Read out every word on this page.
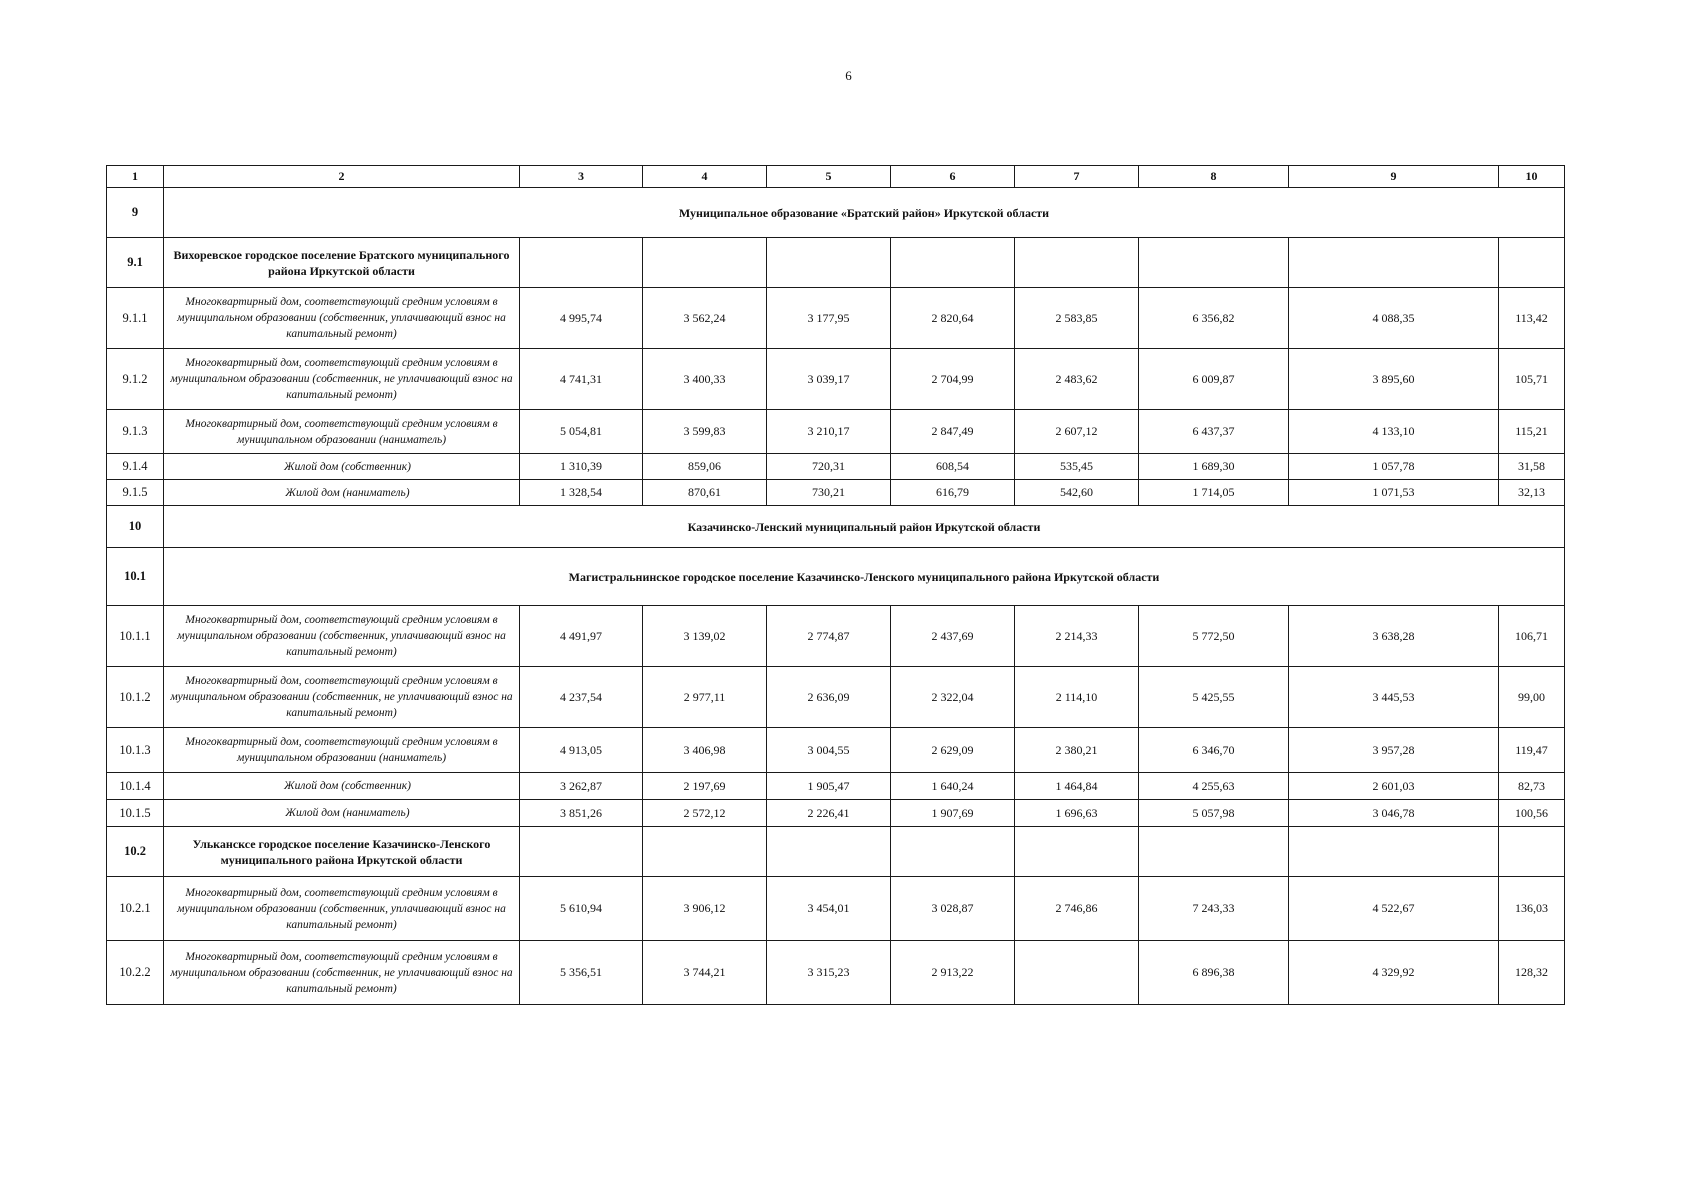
6
1	2	3	4	5	6	7	8	9	10
9	Муниципальное образование «Братский район» Иркутской области								
9.1	Вихоревское городское поселение Братского муниципального района Иркутской области								
9.1.1	Многоквартирный дом, соответствующий средним условиям в муниципальном образовании (собственник, уплачивающий взнос на капитальный ремонт)	4 995,74	3 562,24	3 177,95	2 820,64	2 583,85	6 356,82	4 088,35	113,42
9.1.2	Многоквартирный дом, соответствующий средним условиям в муниципальном образовании (собственник, не уплачивающий взнос на капитальный ремонт)	4 741,31	3 400,33	3 039,17	2 704,99	2 483,62	6 009,87	3 895,60	105,71
9.1.3	Многоквартирный дом, соответствующий средним условиям в муниципальном образовании (наниматель)	5 054,81	3 599,83	3 210,17	2 847,49	2 607,12	6 437,37	4 133,10	115,21
9.1.4	Жилой дом (собственник)	1 310,39	859,06	720,31	608,54	535,45	1 689,30	1 057,78	31,58
9.1.5	Жилой дом (наниматель)	1 328,54	870,61	730,21	616,79	542,60	1 714,05	1 071,53	32,13
10	Казачинско-Ленский муниципальный район Иркутской области								
10.1	Магистральнинское городское поселение Казачинско-Ленского муниципального района Иркутской области								
10.1.1	Многоквартирный дом, соответствующий средним условиям в муниципальном образовании (собственник, уплачивающий взнос на капитальный ремонт)	4 491,97	3 139,02	2 774,87	2 437,69	2 214,33	5 772,50	3 638,28	106,71
10.1.2	Многоквартирный дом, соответствующий средним условиям в муниципальном образовании (собственник, не уплачивающий взнос на капитальный ремонт)	4 237,54	2 977,11	2 636,09	2 322,04	2 114,10	5 425,55	3 445,53	99,00
10.1.3	Многоквартирный дом, соответствующий средним условиям в муниципальном образовании (наниматель)	4 913,05	3 406,98	3 004,55	2 629,09	2 380,21	6 346,70	3 957,28	119,47
10.1.4	Жилой дом (собственник)	3 262,87	2 197,69	1 905,47	1 640,24	1 464,84	4 255,63	2 601,03	82,73
10.1.5	Жилой дом (наниматель)	3 851,26	2 572,12	2 226,41	1 907,69	1 696,63	5 057,98	3 046,78	100,56
10.2	Улькансксе городское поселение Казачинско-Ленского муниципального района Иркутской области								
10.2.1	Многоквартирный дом, соответствующий средним условиям в муниципальном образовании (собственник, уплачивающий взнос на капитальный ремонт)	5 610,94	3 906,12	3 454,01	3 028,87	2 746,86	7 243,33	4 522,67	136,03
10.2.2	Многоквартирный дом, соответствующий средним условиям в муниципальном образовании (собственник, не уплачивающий взнос на капитальный ремонт)	5 356,51	3 744,21	3 315,23	2 913,22		6 896,38	4 329,92	128,32
